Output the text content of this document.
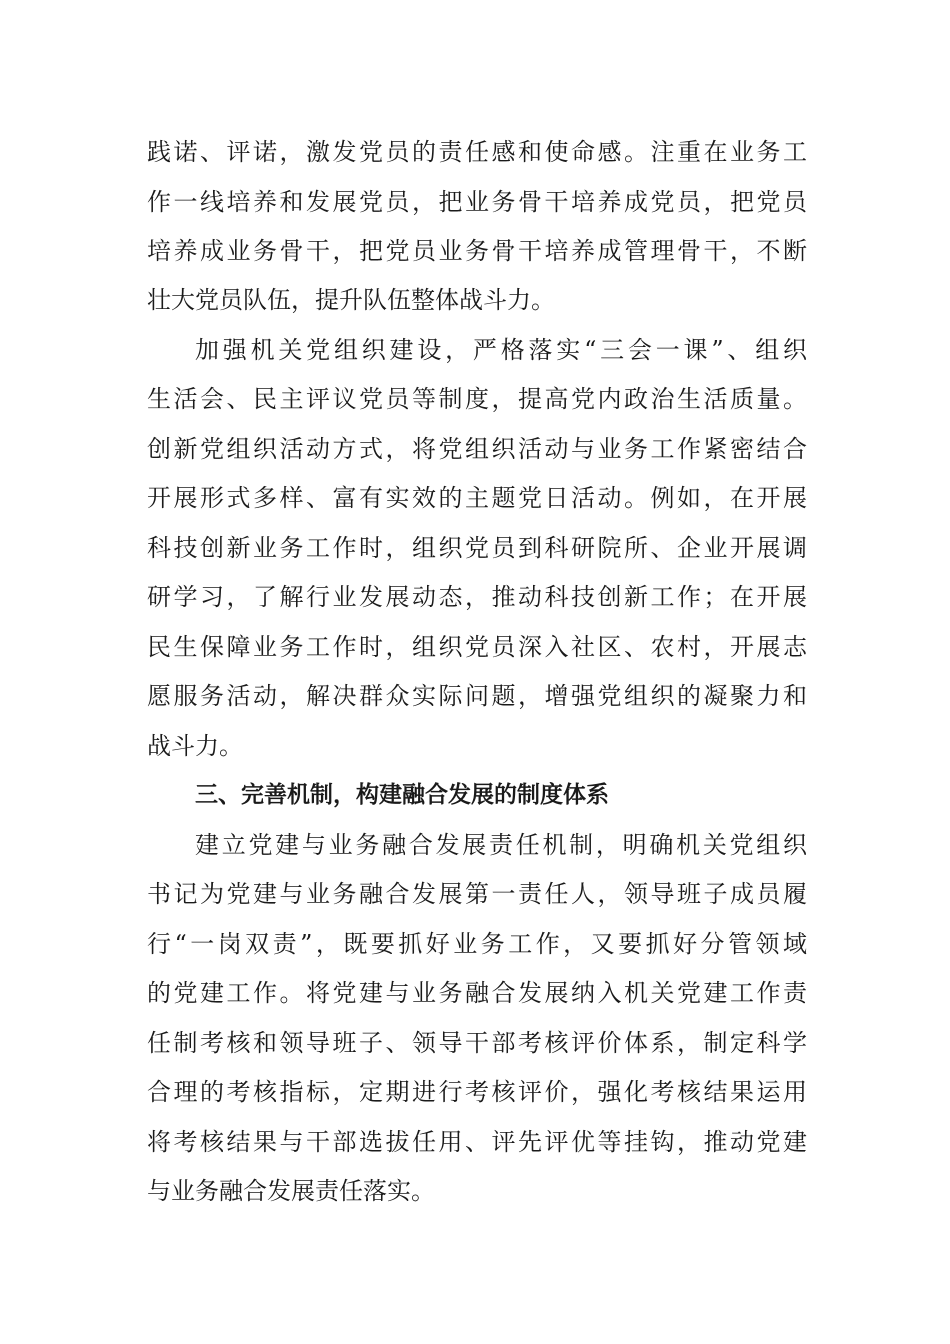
践诺、评诺，激发党员的责任感和使命感。注重在业务工
作一线培养和发展党员，把业务骨干培养成党员，把党员
培养成业务骨干，把党员业务骨干培养成管理骨干，不断
壮大党员队伍，提升队伍整体战斗力。
加强机关党组织建设，严格落实“三会一课”、组织
生活会、民主评议党员等制度，提高党内政治生活质量。
创新党组织活动方式，将党组织活动与业务工作紧密结合
开展形式多样、富有实效的主题党日活动。例如，在开展
科技创新业务工作时，组织党员到科研院所、企业开展调
研学习，了解行业发展动态，推动科技创新工作；在开展
民生保障业务工作时，组织党员深入社区、农村，开展志
愿服务活动，解决群众实际问题，增强党组织的凝聚力和
战斗力。
三、完善机制，构建融合发展的制度体系
建立党建与业务融合发展责任机制，明确机关党组织
书记为党建与业务融合发展第一责任人，领导班子成员履
行“一岗双责”，既要抓好业务工作，又要抓好分管领域
的党建工作。将党建与业务融合发展纳入机关党建工作责
任制考核和领导班子、领导干部考核评价体系，制定科学
合理的考核指标，定期进行考核评价，强化考核结果运用
将考核结果与干部选拔任用、评先评优等挂钩，推动党建
与业务融合发展责任落实。
